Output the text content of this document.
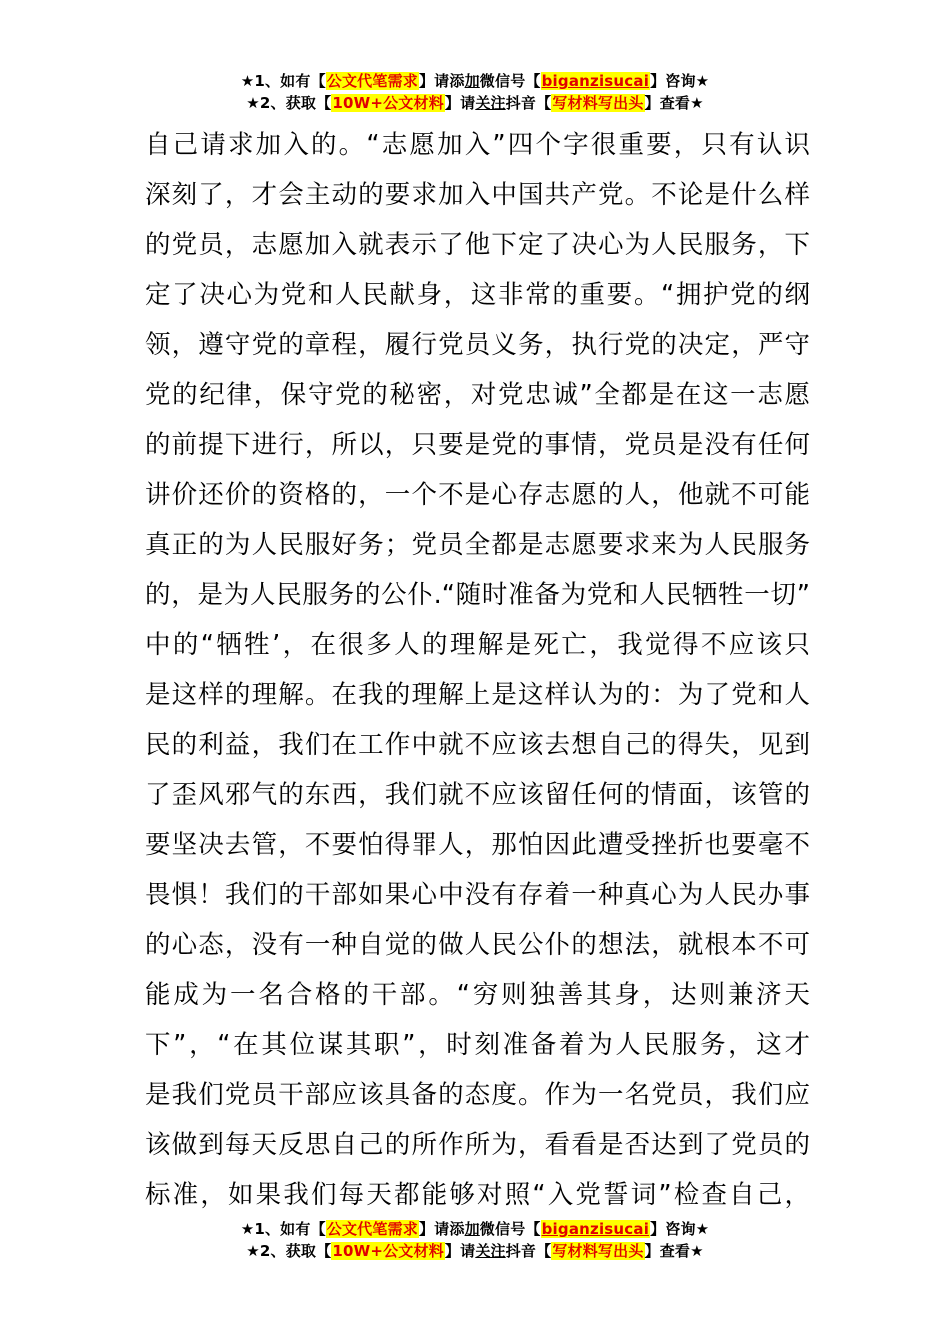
★1、如有【公文代笔需求】请添加微信号【biganzisucai】咨询★
★2、获取【10W+公文材料】请关注抖音【写材料写出头】查看★
自己请求加入的。“志愿加入”四个字很重要，只有认识
深刻了，才会主动的要求加入中国共产党。不论是什么样
的党员，志愿加入就表示了他下定了决心为人民服务，下
定了决心为党和人民献身，这非常的重要。“拥护党的纲
领，遵守党的章程，履行党员义务，执行党的决定，严守
党的纪律，保守党的秘密，对党忠诚”全都是在这一志愿
的前提下进行，所以，只要是党的事情，党员是没有任何
讲价还价的资格的，一个不是心存志愿的人，他就不可能
真正的为人民服好务；党员全都是志愿要求来为人民服务
的，是为人民服务的公仆.“随时准备为党和人民牺牲一切”
中的“牺牲’，在很多人的理解是死亡，我觉得不应该只
是这样的理解。在我的理解上是这样认为的：为了党和人
民的利益，我们在工作中就不应该去想自己的得失，见到
了歪风邪气的东西，我们就不应该留任何的情面，该管的
要坚决去管，不要怕得罪人，那怕因此遭受挫折也要毫不
畏惧！我们的干部如果心中没有存着一种真心为人民办事
的心态，没有一种自觉的做人民公仆的想法，就根本不可
能成为一名合格的干部。“穷则独善其身，达则兼济天
下”，“在其位谋其职”，时刻准备着为人民服务，这才
是我们党员干部应该具备的态度。作为一名党员，我们应
该做到每天反思自己的所作所为，看看是否达到了党员的
标准，如果我们每天都能够对照“入党誓词”检查自己，
★1、如有【公文代笔需求】请添加微信号【biganzisucai】咨询★
★2、获取【10W+公文材料】请关注抖音【写材料写出头】查看★
